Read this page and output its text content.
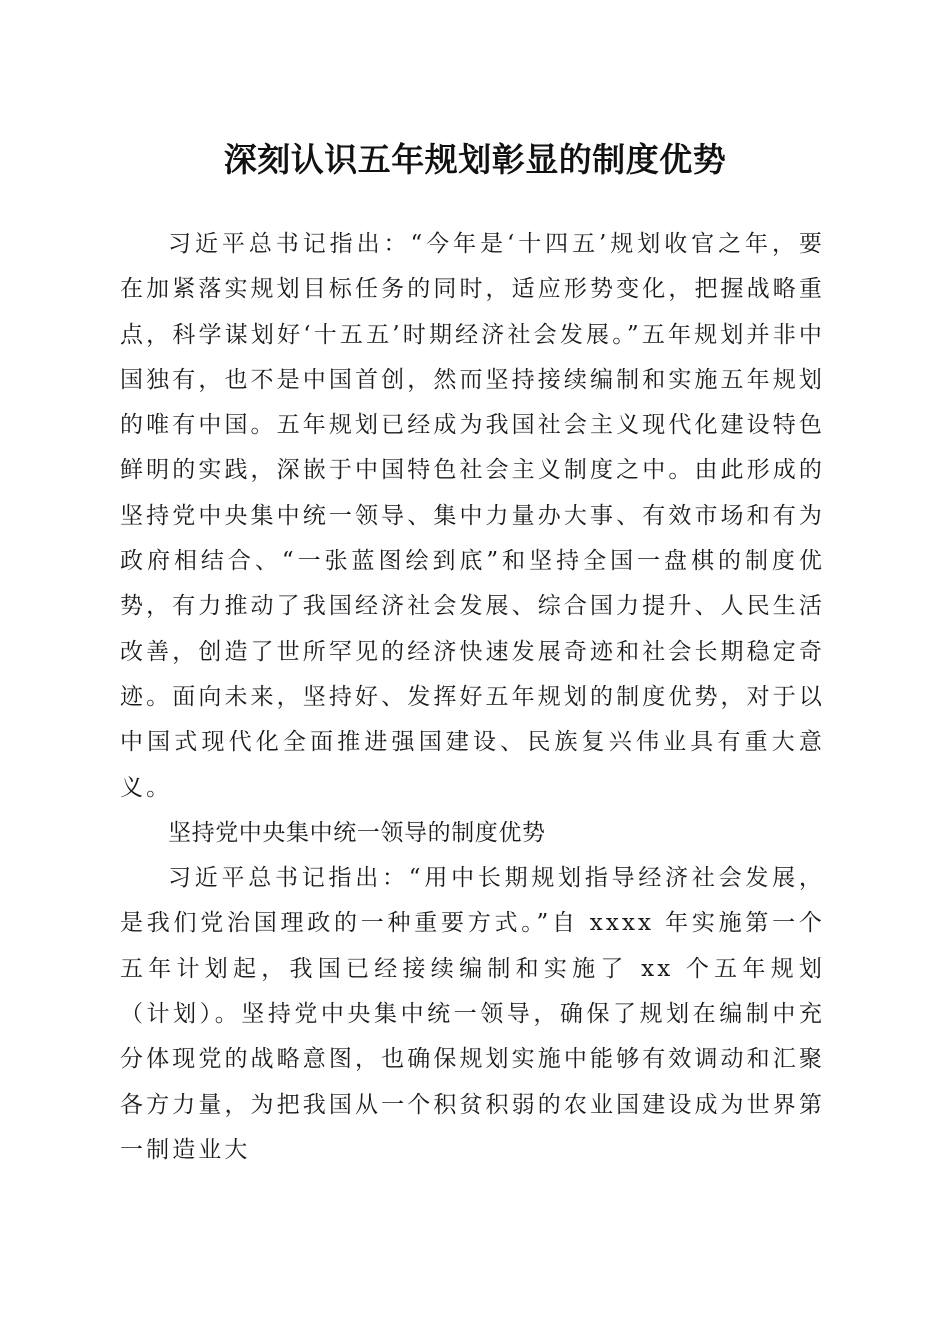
深刻认识五年规划彰显的制度优势

习近平总书记指出：“今年是‘十四五’规划收官之年，要在加紧落实规划目标任务的同时，适应形势变化，把握战略重点，科学谋划好‘十五五’时期经济社会发展。”五年规划并非中国独有，也不是中国首创，然而坚持接续编制和实施五年规划的唯有中国。五年规划已经成为我国社会主义现代化建设特色鲜明的实践，深嵌于中国特色社会主义制度之中。由此形成的坚持党中央集中统一领导、集中力量办大事、有效市场和有为政府相结合、“一张蓝图绘到底”和坚持全国一盘棋的制度优势，有力推动了我国经济社会发展、综合国力提升、人民生活改善，创造了世所罕见的经济快速发展奇迹和社会长期稳定奇迹。面向未来，坚持好、发挥好五年规划的制度优势，对于以中国式现代化全面推进强国建设、民族复兴伟业具有重大意义。

坚持党中央集中统一领导的制度优势

习近平总书记指出：“用中长期规划指导经济社会发展，是我们党治国理政的一种重要方式。”自 xxxx 年实施第一个五年计划起，我国已经接续编制和实施了 xx 个五年规划（计划）。坚持党中央集中统一领导，确保了规划在编制中充分体现党的战略意图，也确保规划实施中能够有效调动和汇聚各方力量，为把我国从一个积贫积弱的农业国建设成为世界第一制造业大
